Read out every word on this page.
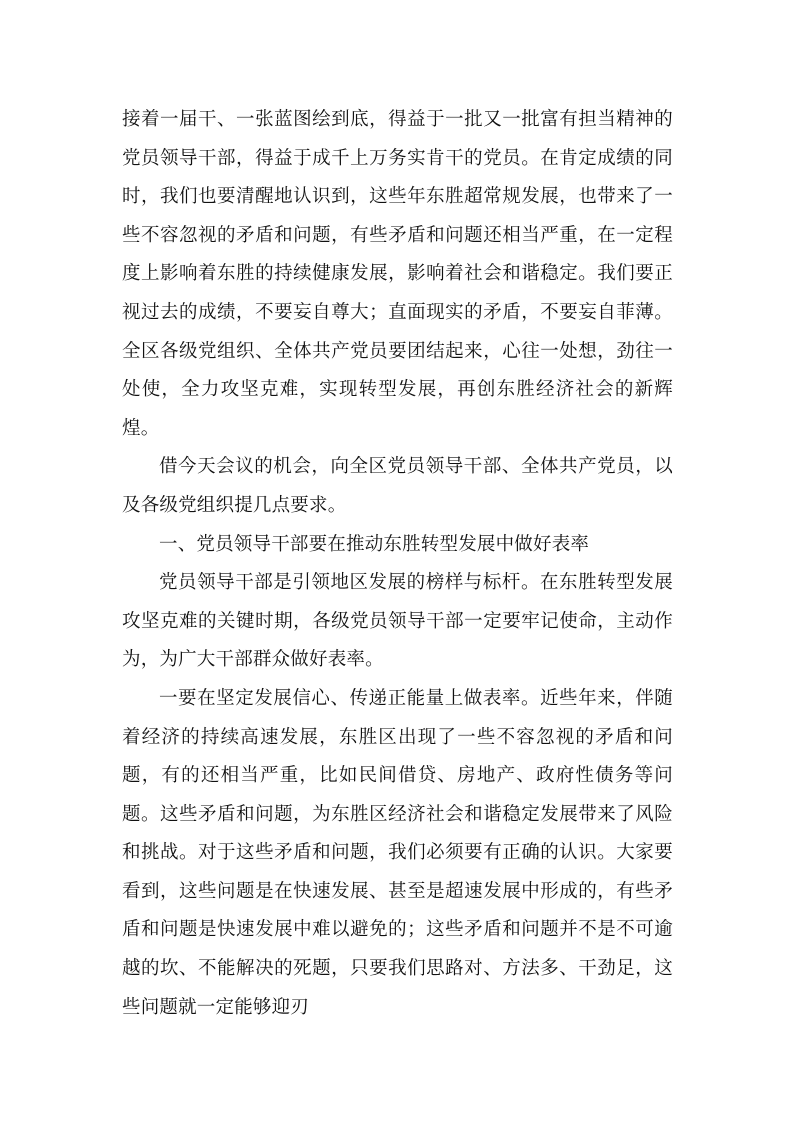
接着一届干、一张蓝图绘到底，得益于一批又一批富有担当精神的党员领导干部，得益于成千上万务实肯干的党员。在肯定成绩的同时，我们也要清醒地认识到，这些年东胜超常规发展，也带来了一些不容忽视的矛盾和问题，有些矛盾和问题还相当严重，在一定程度上影响着东胜的持续健康发展，影响着社会和谐稳定。我们要正视过去的成绩，不要妄自尊大；直面现实的矛盾，不要妄自菲薄。全区各级党组织、全体共产党员要团结起来，心往一处想，劲往一处使，全力攻坚克难，实现转型发展，再创东胜经济社会的新辉煌。

借今天会议的机会，向全区党员领导干部、全体共产党员，以及各级党组织提几点要求。

一、党员领导干部要在推动东胜转型发展中做好表率

党员领导干部是引领地区发展的榜样与标杆。在东胜转型发展攻坚克难的关键时期，各级党员领导干部一定要牢记使命，主动作为，为广大干部群众做好表率。

一要在坚定发展信心、传递正能量上做表率。近些年来，伴随着经济的持续高速发展，东胜区出现了一些不容忽视的矛盾和问题，有的还相当严重，比如民间借贷、房地产、政府性债务等问题。这些矛盾和问题，为东胜区经济社会和谐稳定发展带来了风险和挑战。对于这些矛盾和问题，我们必须要有正确的认识。大家要看到，这些问题是在快速发展、甚至是超速发展中形成的，有些矛盾和问题是快速发展中难以避免的；这些矛盾和问题并不是不可逾越的坎、不能解决的死题，只要我们思路对、方法多、干劲足，这些问题就一定能够迎刃
